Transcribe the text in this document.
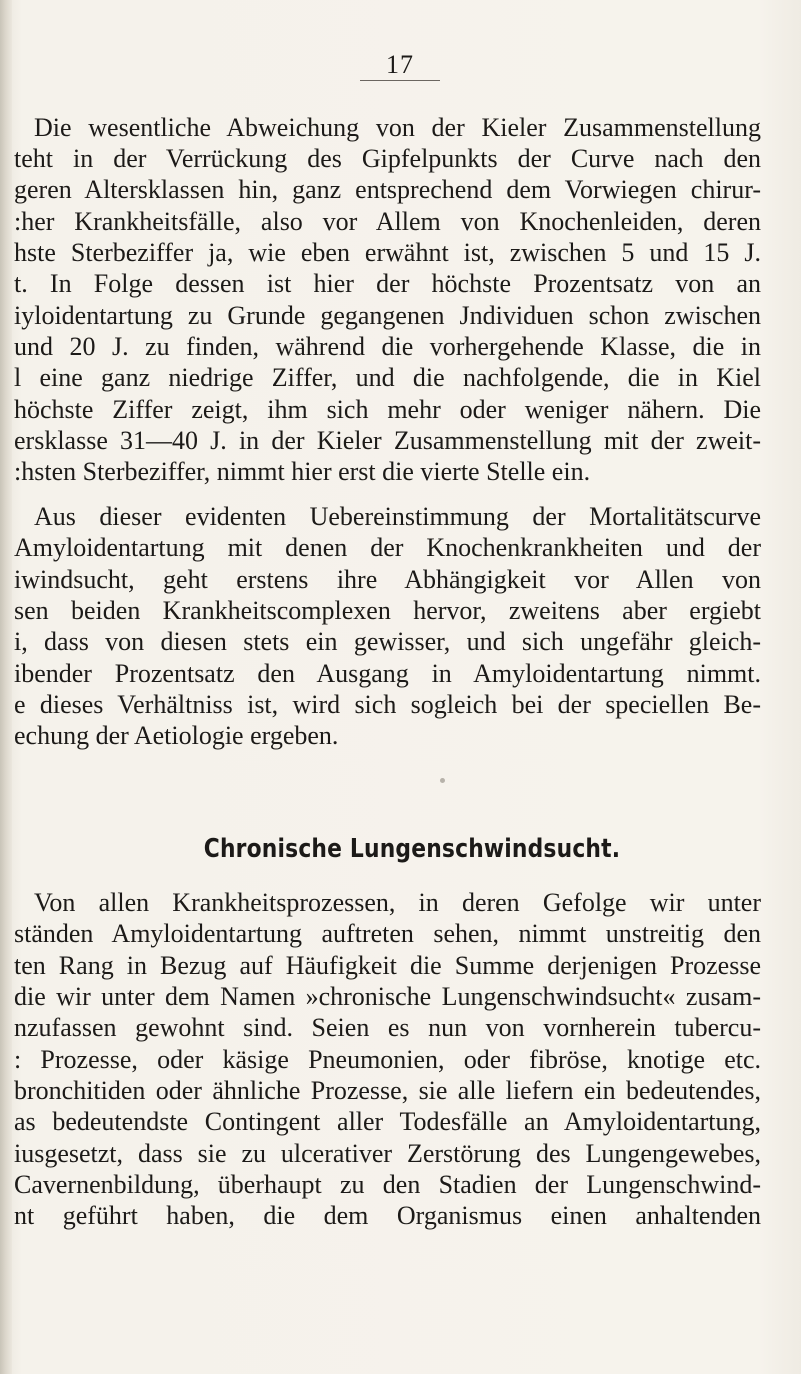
17
Die wesentliche Abweichung von der Kieler Zusammenstellung
teht in der Verrückung des Gipfelpunkts der Curve nach den
geren Altersklassen hin, ganz entsprechend dem Vorwiegen chirur-
:her Krankheitsfälle, also vor Allem von Knochenleiden, deren
hste Sterbeziffer ja, wie eben erwähnt ist, zwischen 5 und 15 J.
t. In Folge dessen ist hier der höchste Prozentsatz von an
iyloidentartung zu Grunde gegangenen Jndividuen schon zwischen
und 20 J. zu finden, während die vorhergehende Klasse, die in
l eine ganz niedrige Ziffer, und die nachfolgende, die in Kiel
höchste Ziffer zeigt, ihm sich mehr oder weniger nähern. Die
ersklasse 31—40 J. in der Kieler Zusammenstellung mit der zweit-
:hsten Sterbeziffer, nimmt hier erst die vierte Stelle ein.
Aus dieser evidenten Uebereinstimmung der Mortalitätscurve
Amyloidentartung mit denen der Knochenkrankheiten und der
iwindsucht, geht erstens ihre Abhängigkeit vor Allen von
sen beiden Krankheitscomplexen hervor, zweitens aber ergiebt
i, dass von diesen stets ein gewisser, und sich ungefähr gleich-
ibender Prozentsatz den Ausgang in Amyloidentartung nimmt.
e dieses Verhältniss ist, wird sich sogleich bei der speciellen Be-
echung der Aetiologie ergeben.
Chronische Lungenschwindsucht.
Von allen Krankheitsprozessen, in deren Gefolge wir unter
ständen Amyloidentartung auftreten sehen, nimmt unstreitig den
ten Rang in Bezug auf Häufigkeit die Summe derjenigen Prozesse
die wir unter dem Namen »chronische Lungenschwindsucht« zusam-
nzufassen gewohnt sind. Seien es nun von vornherein tubercu-
: Prozesse, oder käsige Pneumonien, oder fibröse, knotige etc.
bronchitiden oder ähnliche Prozesse, sie alle liefern ein bedeutendes,
as bedeutendste Contingent aller Todesfälle an Amyloidentartung,
iusgesetzt, dass sie zu ulcerativer Zerstörung des Lungengewebes,
Cavernenbildung, überhaupt zu den Stadien der Lungenschwind-
nt geführt haben, die dem Organismus einen anhaltenden
